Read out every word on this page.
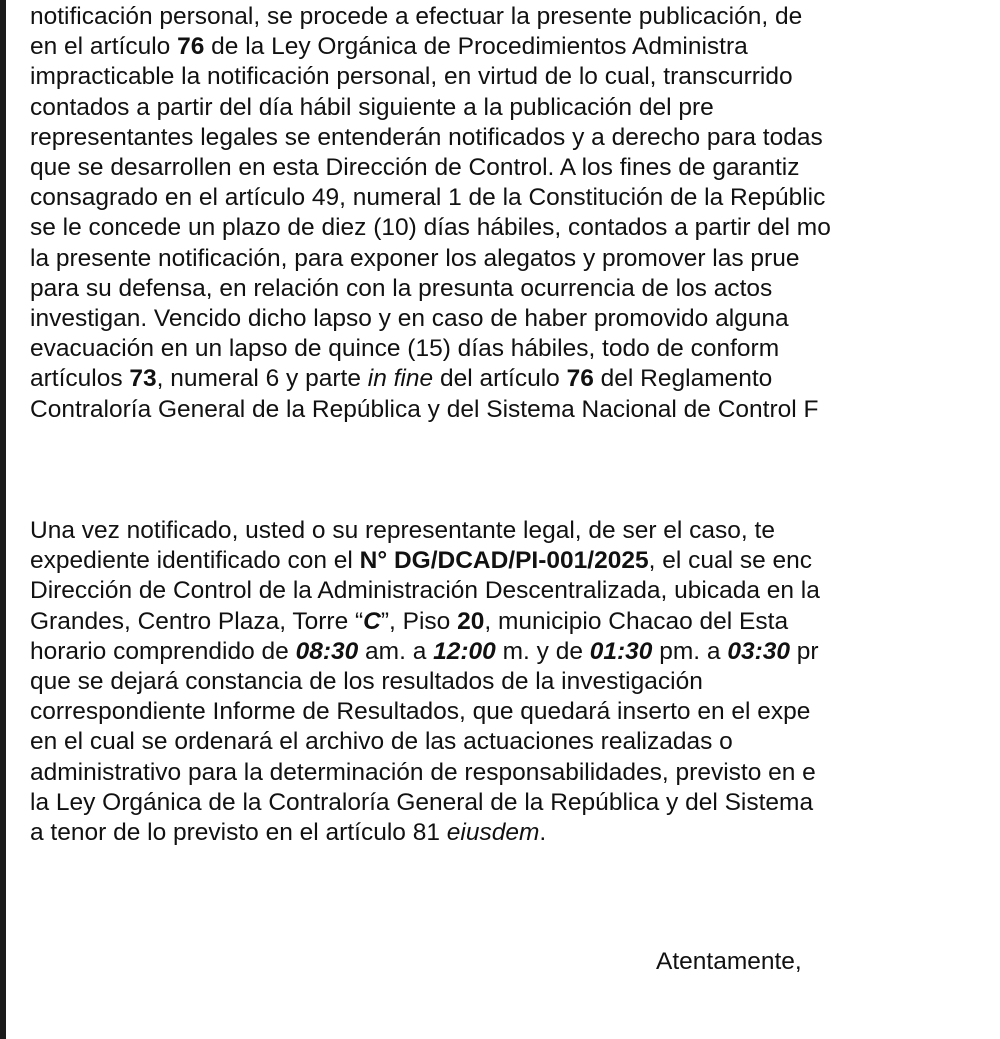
notificación personal, se procede a efectuar la presente publicación, de
en el artículo 76 de la Ley Orgánica de Procedimientos Administra
impracticable la notificación personal, en virtud de lo cual, transcurrido
contados a partir del día hábil siguiente a la publicación del pre
representantes legales se entenderán notificados y a derecho para todas
que se desarrollen en esta Dirección de Control. A los fines de garantiz
consagrado en el artículo 49, numeral 1 de la Constitución de la Repúblic
se le concede un plazo de diez (10) días hábiles, contados a partir del mo
la presente notificación, para exponer los alegatos y promover las prue
para su defensa, en relación con la presunta ocurrencia de los actos
investigan. Vencido dicho lapso y en caso de haber promovido alguna
evacuación en un lapso de quince (15) días hábiles, todo de conform
artículos 73, numeral 6 y parte in fine del artículo 76 del Reglamento
Contraloría General de la República y del Sistema Nacional de Control F
Una vez notificado, usted o su representante legal, de ser el caso, te
expediente identificado con el N° DG/DCAD/PI-001/2025, el cual se enc
Dirección de Control de la Administración Descentralizada, ubicada en la
Grandes, Centro Plaza, Torre “C”, Piso 20, municipio Chacao del Esta
horario comprendido de 08:30 am. a 12:00 m. y de 01:30 pm. a 03:30 pr
que se dejará constancia de los resultados de la investigación
correspondiente Informe de Resultados, que quedará inserto en el expe
en el cual se ordenará el archivo de las actuaciones realizadas o
administrativo para la determinación de responsabilidades, previsto en e
la Ley Orgánica de la Contraloría General de la República y del Sistema
a tenor de lo previsto en el artículo 81 eiusdem.
Atentamente,
